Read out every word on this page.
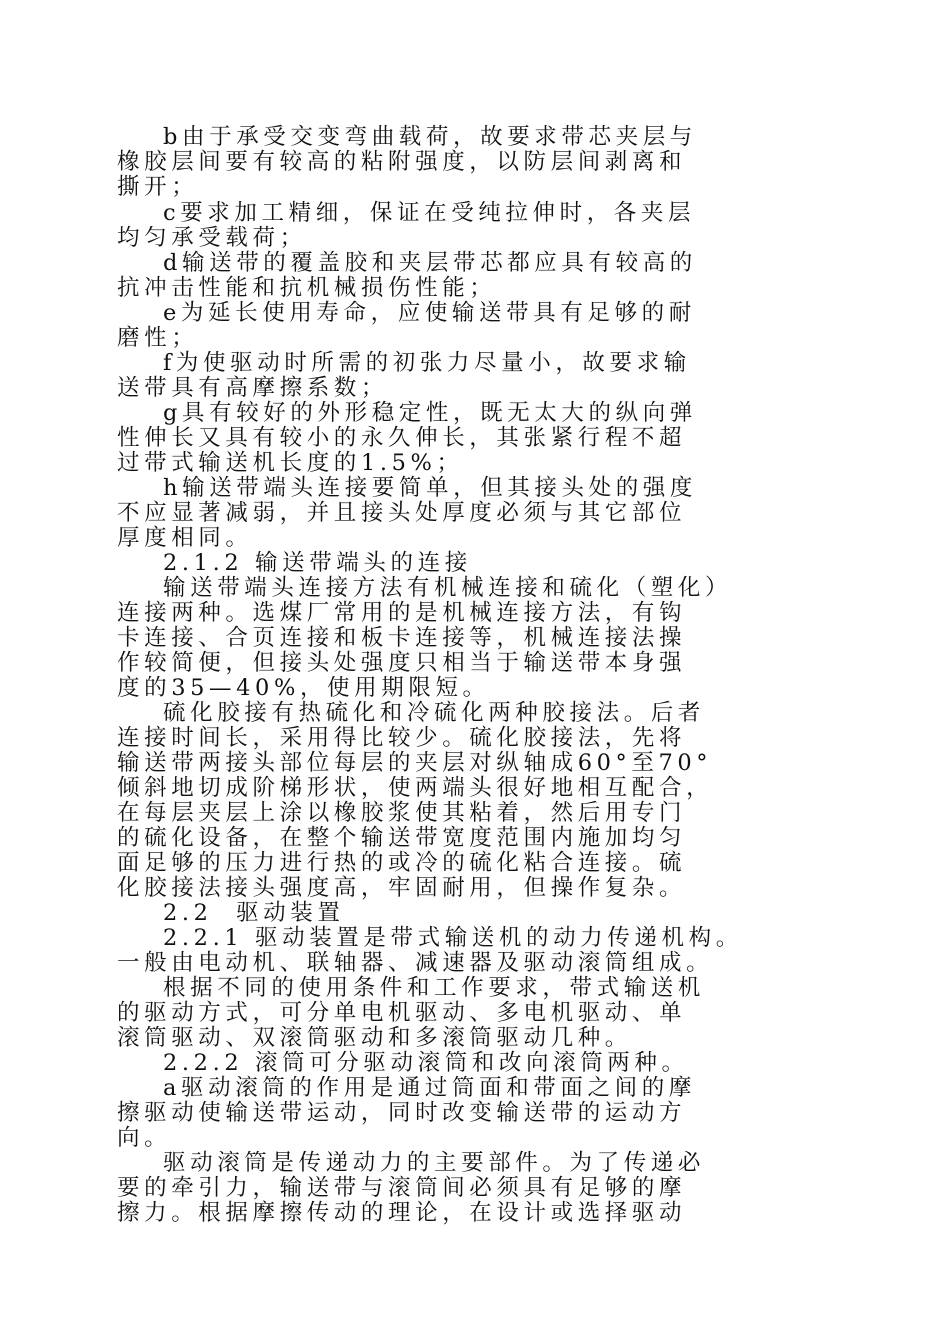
b由于承受交变弯曲载荷，故要求带芯夹层与
橡胶层间要有较高的粘附强度，以防层间剥离和
撕开；
c要求加工精细，保证在受纯拉伸时，各夹层
均匀承受载荷；
d输送带的覆盖胶和夹层带芯都应具有较高的
抗冲击性能和抗机械损伤性能；
e为延长使用寿命，应使输送带具有足够的耐
磨性；
f为使驱动时所需的初张力尽量小，故要求输
送带具有高摩擦系数；
g具有较好的外形稳定性，既无太大的纵向弹
性伸长又具有较小的永久伸长，其张紧行程不超
过带式输送机长度的1.5%；
h输送带端头连接要简单，但其接头处的强度
不应显著减弱，并且接头处厚度必须与其它部位
厚度相同。
2.1.2 输送带端头的连接
输送带端头连接方法有机械连接和硫化（塑化）
连接两种。选煤厂常用的是机械连接方法，有钩
卡连接、合页连接和板卡连接等，机械连接法操
作较简便，但接头处强度只相当于输送带本身强
度的35—40%，使用期限短。
硫化胶接有热硫化和冷硫化两种胶接法。后者
连接时间长，采用得比较少。硫化胶接法，先将
输送带两接头部位每层的夹层对纵轴成60°至70°
倾斜地切成阶梯形状，使两端头很好地相互配合，
在每层夹层上涂以橡胶浆使其粘着，然后用专门
的硫化设备，在整个输送带宽度范围内施加均匀
面足够的压力进行热的或冷的硫化粘合连接。硫
化胶接法接头强度高，牢固耐用，但操作复杂。
2.2  驱动装置
2.2.1 驱动装置是带式输送机的动力传递机构。
一般由电动机、联轴器、减速器及驱动滚筒组成。
根据不同的使用条件和工作要求，带式输送机
的驱动方式，可分单电机驱动、多电机驱动、单
滚筒驱动、双滚筒驱动和多滚筒驱动几种。
2.2.2 滚筒可分驱动滚筒和改向滚筒两种。
a驱动滚筒的作用是通过筒面和带面之间的摩
擦驱动使输送带运动，同时改变输送带的运动方
向。
驱动滚筒是传递动力的主要部件。为了传递必
要的牵引力，输送带与滚筒间必须具有足够的摩
擦力。根据摩擦传动的理论，在设计或选择驱动
